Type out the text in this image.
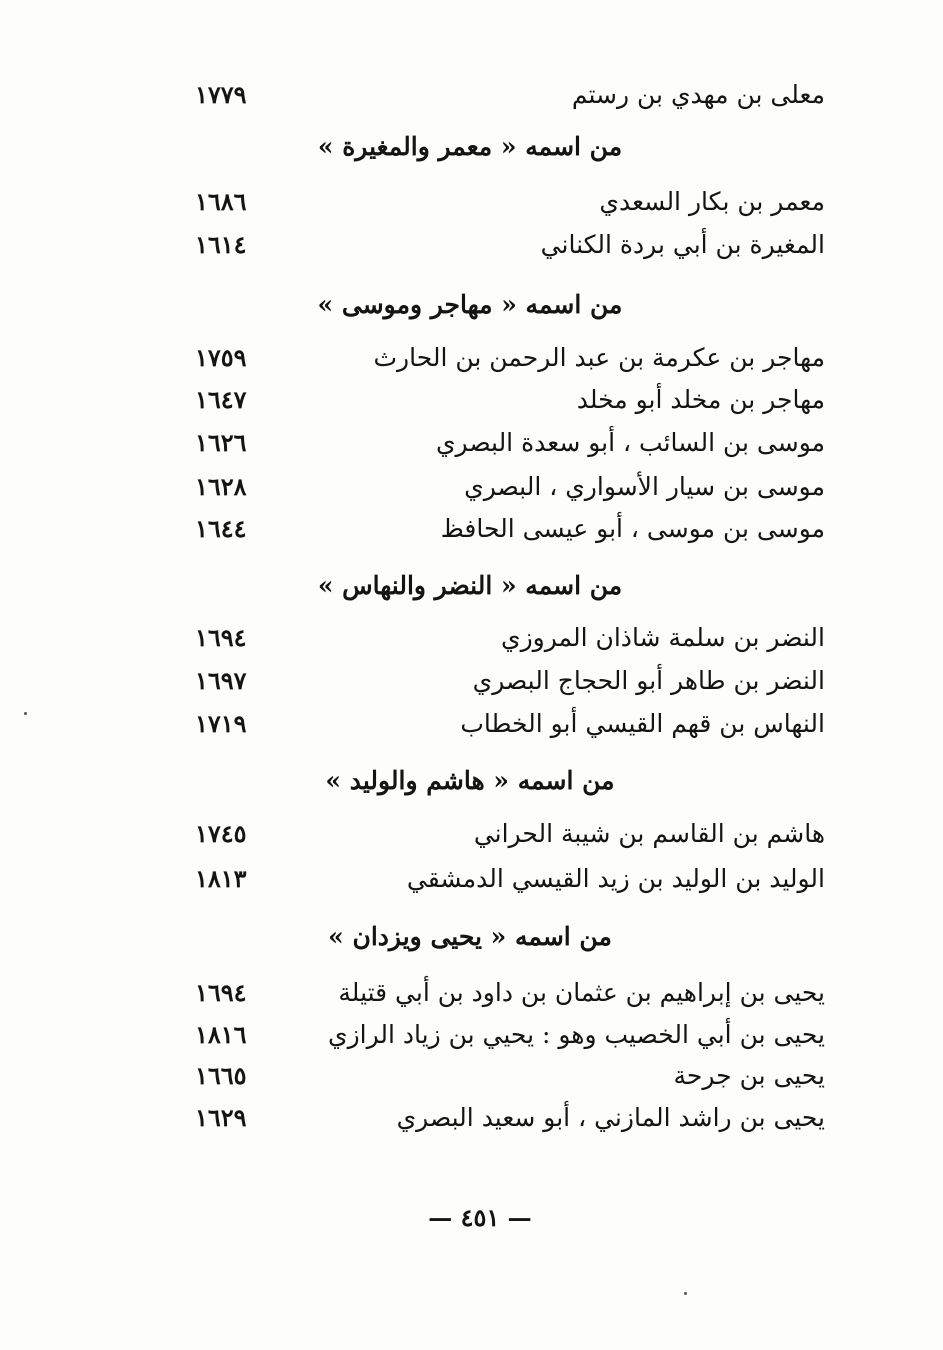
معلى بن مهدي بن رستم
١٧٧٩
من اسمه « معمر والمغيرة »
معمر بن بكار السعدي
١٦٨٦
المغيرة بن أبي بردة الكناني
١٦١٤
من اسمه « مهاجر وموسى »
مهاجر بن عكرمة بن عبد الرحمن بن الحارث
١٧٥٩
مهاجر بن مخلد أبو مخلد
١٦٤٧
موسى بن السائب ، أبو سعدة البصري
١٦٢٦
موسى بن سيار الأسواري ، البصري
١٦٢٨
موسى بن موسى ، أبو عيسى الحافظ
١٦٤٤
من اسمه « النضر والنهاس »
النضر بن سلمة شاذان المروزي
١٦٩٤
النضر بن طاهر أبو الحجاج البصري
١٦٩٧
النهاس بن قهم القيسي أبو الخطاب
١٧١٩
من اسمه « هاشم والوليد »
هاشم بن القاسم بن شيبة الحراني
١٧٤٥
الوليد بن الوليد بن زيد القيسي الدمشقي
١٨١٣
من اسمه « يحيى ويزدان »
يحيى بن إبراهيم بن عثمان بن داود بن أبي قتيلة
١٦٩٤
يحيى بن أبي الخصيب وهو : يحيي بن زياد الرازي
١٨١٦
يحيى بن جرحة
١٦٦٥
يحيى بن راشد المازني ، أبو سعيد البصري
١٦٢٩
— ٤٥١ —
